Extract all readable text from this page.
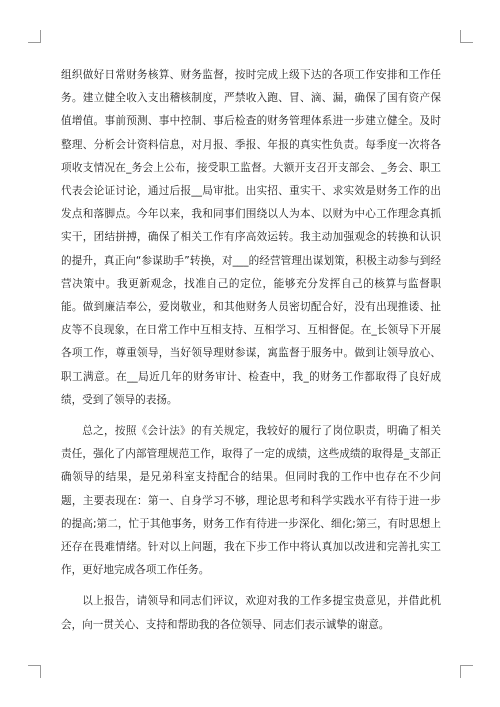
组织做好日常财务核算、财务监督，按时完成上级下达的各项工作安排和工作任务。建立健全收入支出稽核制度，严禁收入跑、冒、滴、漏，确保了国有资产保值增值。事前预测、事中控制、事后检查的财务管理体系进一步建立健全。及时整理、分析会计资料信息，对月报、季报、年报的真实性负责。每季度一次将各项收支情况在_务会上公布，接受职工监督。大额开支召开支部会、_务会、职工代表会论证讨论，通过后报__局审批。出实招、重实干、求实效是财务工作的出发点和落脚点。今年以来，我和同事们围绕以人为本、以财为中心工作理念真抓实干，团结拼搏，确保了相关工作有序高效运转。我主动加强观念的转换和认识的提升，真正向“参谋助手”转换，对___的经营管理出谋划策，积极主动参与到经营决策中。我更新观念，找准自己的定位，能够充分发挥自己的核算与监督职能。做到廉洁奉公，爱岗敬业，和其他财务人员密切配合好，没有出现推诿、扯皮等不良现象，在日常工作中互相支持、互相学习、互相督促。在_长领导下开展各项工作，尊重领导，当好领导理财参谋，寓监督于服务中。做到让领导放心、职工满意。在__局近几年的财务审计、检查中，我_的财务工作都取得了良好成绩，受到了领导的表扬。

总之，按照《会计法》的有关规定，我较好的履行了岗位职责，明确了相关责任，强化了内部管理规范工作，取得了一定的成绩，这些成绩的取得是_支部正确领导的结果，是兄弟科室支持配合的结果。但同时我的工作中也存在不少问题，主要表现在：第一、自身学习不够，理论思考和科学实践水平有待于进一步的提高;第二，忙于其他事务，财务工作有待进一步深化、细化;第三，有时思想上还存在畏难情绪。针对以上问题，我在下步工作中将认真加以改进和完善扎实工作，更好地完成各项工作任务。

以上报告，请领导和同志们评议，欢迎对我的工作多提宝贵意见，并借此机会，向一贯关心、支持和帮助我的各位领导、同志们表示诚挚的谢意。
